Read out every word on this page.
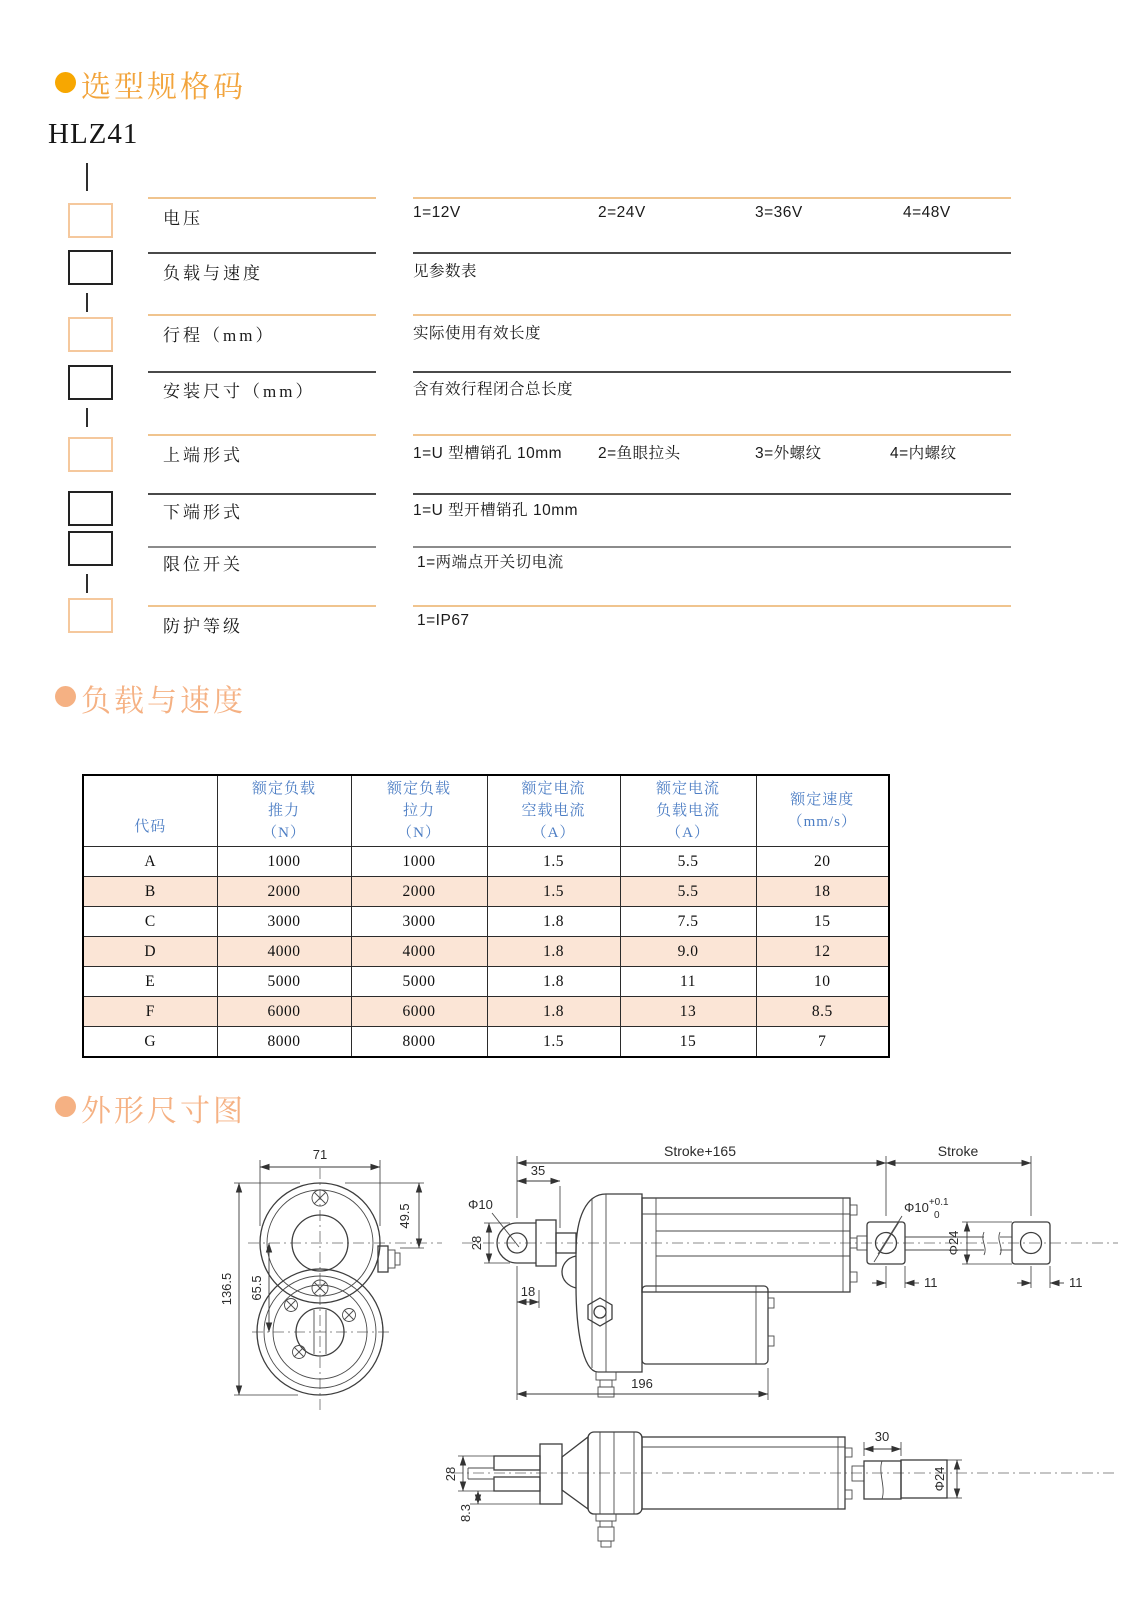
选型规格码
HLZ41
电压	1=12V	2=24V	3=36V	4=48V
负载与速度	见参数表
行程（mm）	实际使用有效长度
安装尺寸（mm）	含有效行程闭合总长度
上端形式	1=U 型槽销孔 10mm 2=鱼眼拉头	3=外螺纹	4=内螺纹
下端形式	1=U 型开槽销孔 10mm
限位开关	1=两端点开关切电流
防护等级	1=IP67
负载与速度
代码

额定负载
推力
（N）

额定负载
拉力
（N）

额定电流
空载电流
（A）

额定电流
负载电流
（A）

额定速度
（mm/s）

A	1000	1000	1.5	5.5	20
B	2000	2000	1.5	5.5	18
C	3000	3000	1.8	7.5	15
D	4000	4000	1.8	9.0	12
E	5000	5000	1.8	11	10
F	6000	6000	1.8	13	8.5
G	8000	8000	1.5	15	7
外形尺寸图
71
136.5 65.5
49.5
Stroke+165	Stroke
35
Φ10
28
18
196
$\Phi 10^{+0.1}$ 0
Φ24
11	11
30
Φ24
28
8.3
